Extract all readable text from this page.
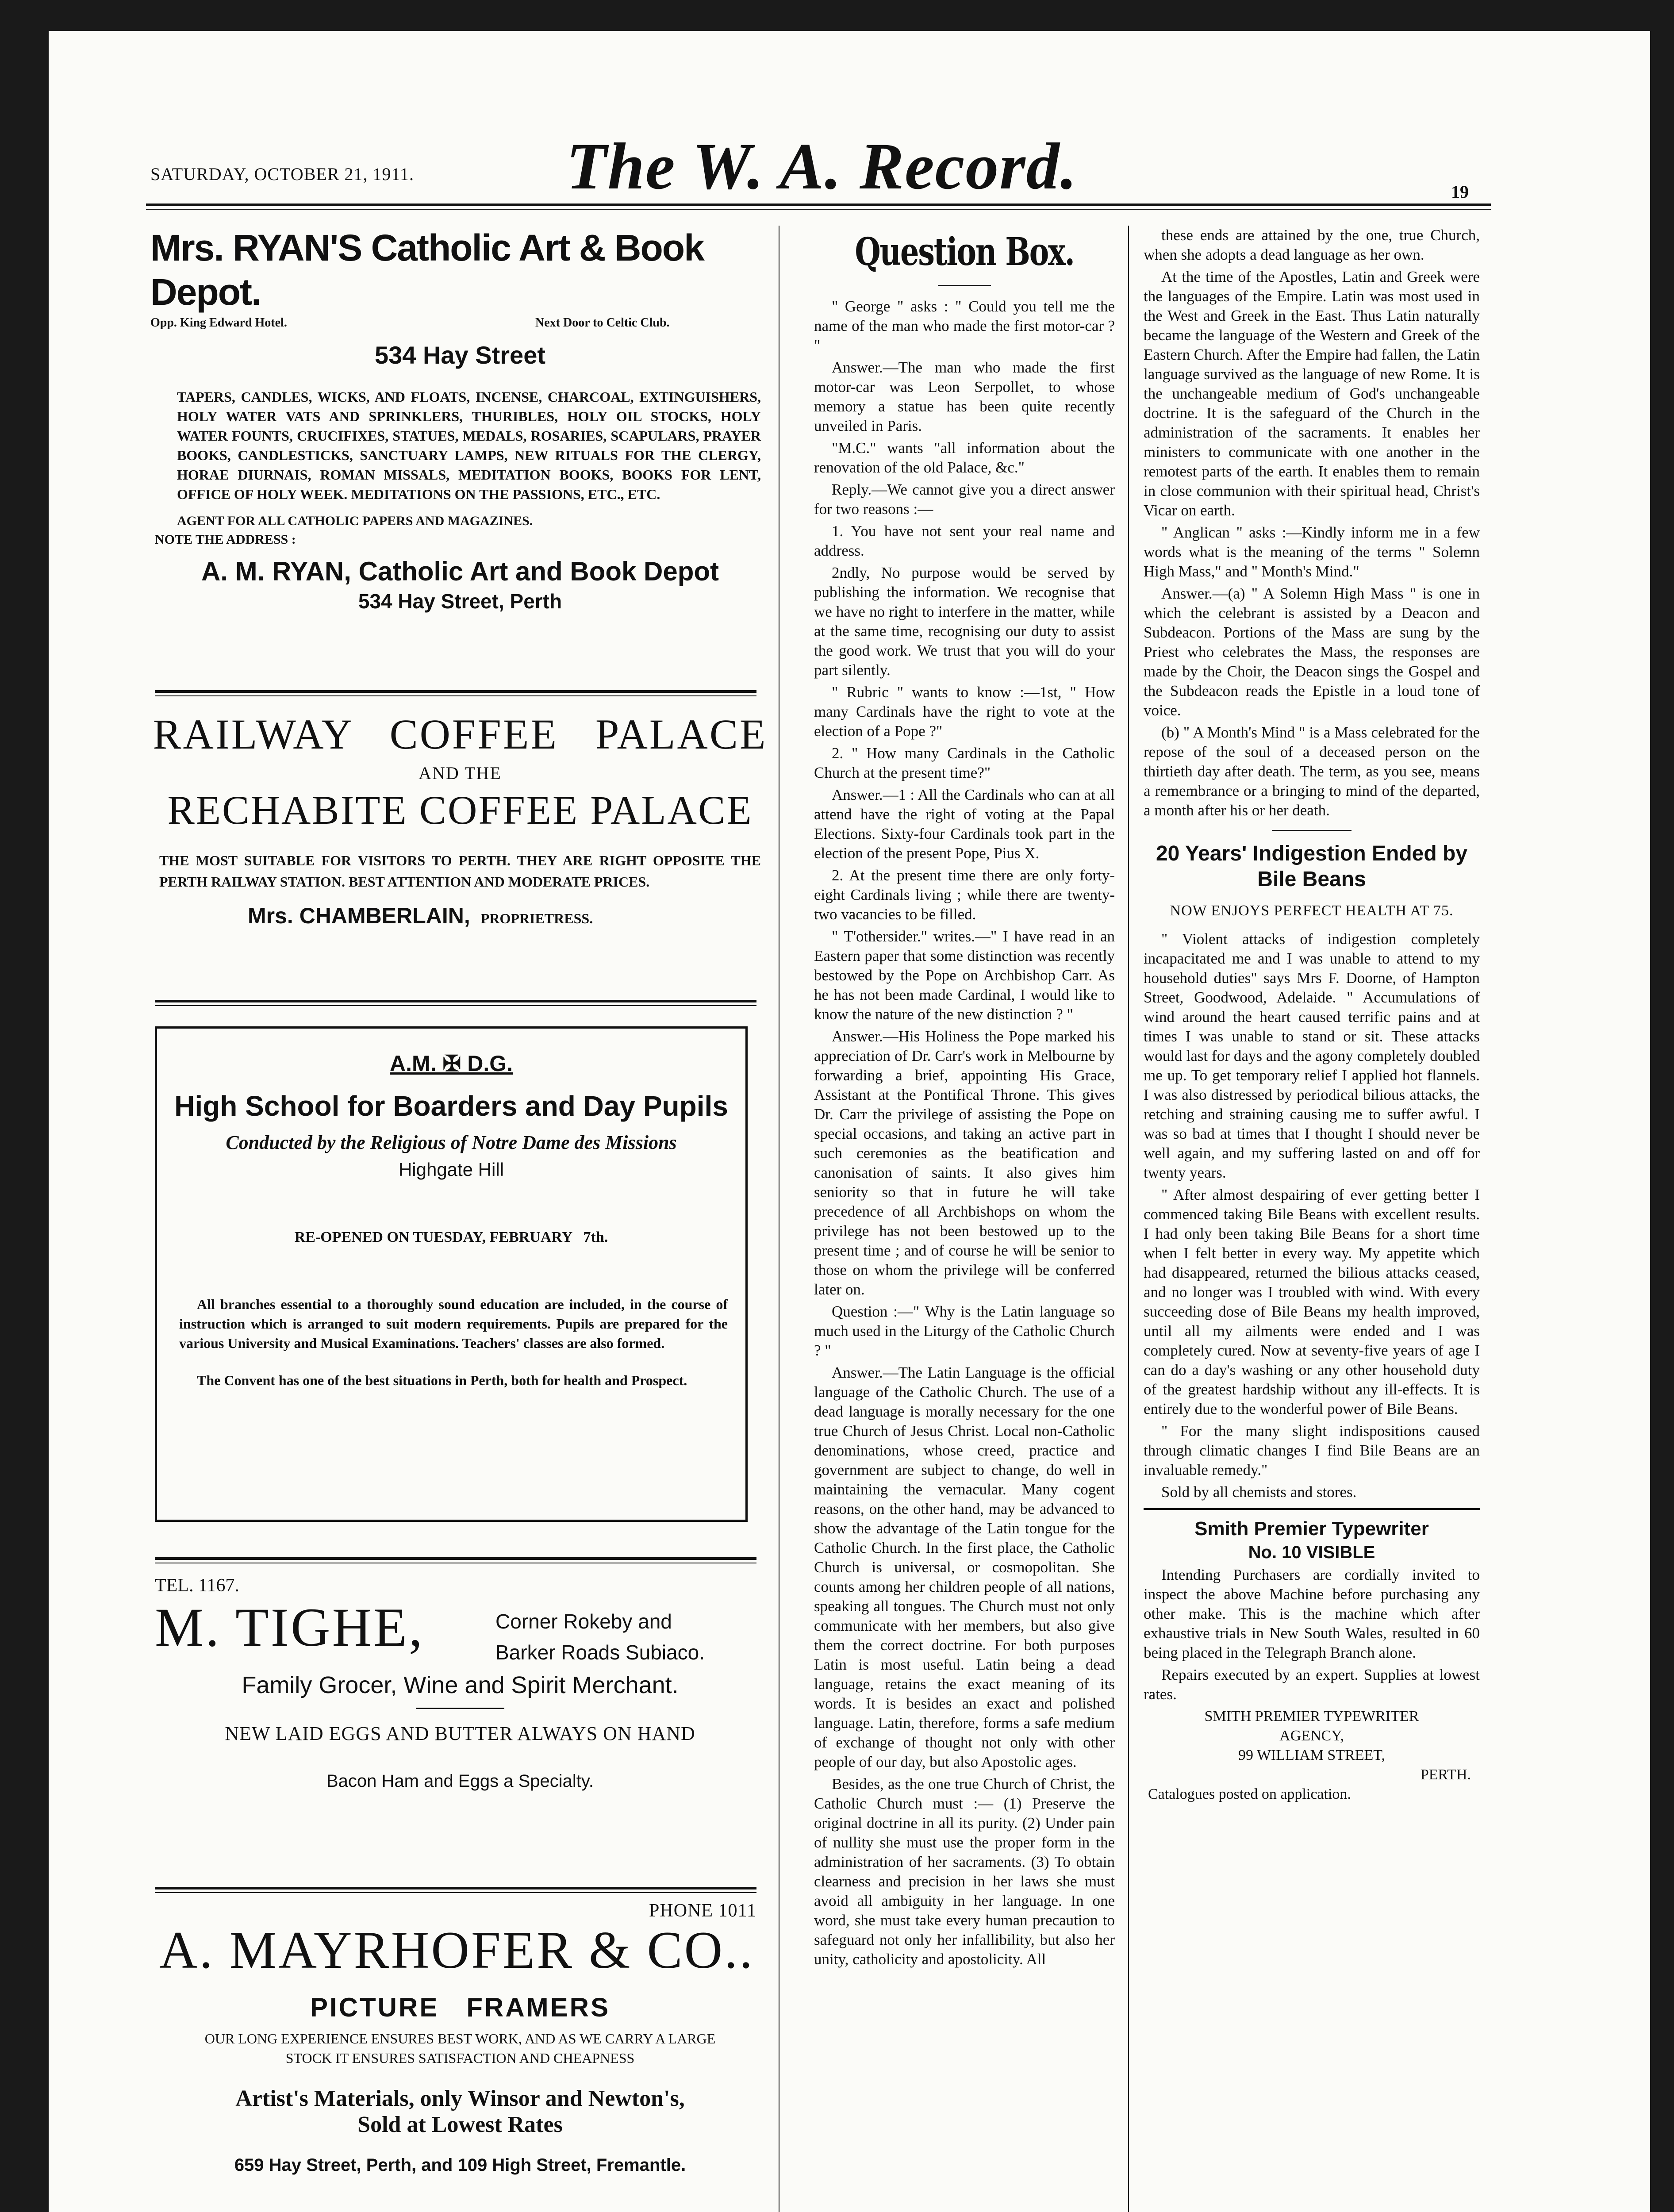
SATURDAY, OCTOBER 21, 1911. The W. A. Record.	19
Mrs. RYAN'S Catholic Art & Book Depot.
Opp. King Edward Hotel.	Next Door to Celtic Club.
534 Hay Street
TAPERS, CANDLES, WICKS, AND FLOATS, INCENSE, CHARCOAL, EXTINGUISHERS, HOLY WATER VATS AND SPRINKLERS, THURIBLES, HOLY OIL STOCKS, HOLY WATER FOUNTS, CRUCIFIXES, STATUES, MEDALS, ROSARIES, SCAPULARS, PRAYER BOOKS, CANDLESTICKS, SANCTUARY LAMPS, NEW RITUALS FOR THE CLERGY, HORAE DIURNAIS, ROMAN MISSALS, MEDITATION BOOKS, BOOKS FOR LENT, OFFICE OF HOLY WEEK. MEDITATIONS ON THE PASSIONS, ETC., ETC.
AGENT FOR ALL CATHOLIC PAPERS AND MAGAZINES.
NOTE THE ADDRESS :
A. M. RYAN, Catholic Art and Book Depot
534 Hay Street, Perth
RAILWAY   COFFEE   PALACE
AND THE
RECHABITE COFFEE PALACE
THE MOST SUITABLE FOR VISITORS TO PERTH. THEY ARE RIGHT OPPOSITE THE PERTH RAILWAY STATION. BEST ATTENTION AND MODERATE PRICES.
Mrs. CHAMBERLAIN, PROPRIETRESS.
A.M. ✠ D.G.
High School for Boarders and Day Pupils
Conducted by the Religious of Notre Dame des Missions
Highgate Hill
RE-OPENED ON TUESDAY, FEBRUARY   7th.
All branches essential to a thoroughly sound education are included, in the course of instruction which is arranged to suit modern requirements. Pupils are prepared for the various University and Musical Examinations. Teachers' classes are also formed.
The Convent has one of the best situations in Perth, both for health and Prospect.
TEL. 1167.
M. TIGHE,	Corner Rokeby and
Barker Roads Subiaco.
Family Grocer, Wine and Spirit Merchant.
NEW LAID EGGS AND BUTTER ALWAYS ON HAND
Bacon Ham and Eggs a Specialty.
PHONE 1011
A. MAYRHOFER & CO..
PICTURE   FRAMERS
OUR LONG EXPERIENCE ENSURES BEST WORK, AND AS WE CARRY A LARGE STOCK IT ENSURES SATISFACTION AND CHEAPNESS
Artist's Materials, only Winsor and Newton's,
Sold at Lowest Rates
659 Hay Street, Perth, and 109 High Street, Fremantle.
Question Box.

" George " asks : " Could you tell me the name of the man who made the first motor-car ? "

Answer.—The man who made the first motor-car was Leon Serpollet, to whose memory a statue has been quite recently unveiled in Paris.

"M.C." wants "all information about the renovation of the old Palace, &c."

Reply.—We cannot give you a direct answer for two reasons :—

1. You have not sent your real name and address.

2ndly, No purpose would be served by publishing the information. We recognise that we have no right to interfere in the matter, while at the same time, recognising our duty to assist the good work. We trust that you will do your part silently.

" Rubric " wants to know :—1st, " How many Cardinals have the right to vote at the election of a Pope ?"

2. " How many Cardinals in the Catholic Church at the present time?"

Answer.—1 : All the Cardinals who can at all attend have the right of voting at the Papal Elections. Sixty-four Cardinals took part in the election of the present Pope, Pius X.

2. At the present time there are only forty-eight Cardinals living ; while there are twenty-two vacancies to be filled.

" T'othersider." writes.—" I have read in an Eastern paper that some distinction was recently bestowed by the Pope on Archbishop Carr. As he has not been made Cardinal, I would like to know the nature of the new distinction ? "

Answer.—His Holiness the Pope marked his appreciation of Dr. Carr's work in Melbourne by forwarding a brief, appointing His Grace, Assistant at the Pontifical Throne. This gives Dr. Carr the privilege of assisting the Pope on special occasions, and taking an active part in such ceremonies as the beatification and canonisation of saints. It also gives him seniority so that in future he will take precedence of all Archbishops on whom the privilege has not been bestowed up to the present time ; and of course he will be senior to those on whom the privilege will be conferred later on.

Question :—" Why is the Latin language so much used in the Liturgy of the Catholic Church ? "

Answer.—The Latin Language is the official language of the Catholic Church. The use of a dead language is morally necessary for the one true Church of Jesus Christ. Local non-Catholic denominations, whose creed, practice and government are subject to change, do well in maintaining the vernacular. Many cogent reasons, on the other hand, may be advanced to show the advantage of the Latin tongue for the Catholic Church. In the first place, the Catholic Church is universal, or cosmopolitan. She counts among her children people of all nations, speaking all tongues. The Church must not only communicate with her members, but also give them the correct doctrine. For both purposes Latin is most useful. Latin being a dead language, retains the exact meaning of its words. It is besides an exact and polished language. Latin, therefore, forms a safe medium of exchange of thought not only with other people of our day, but also Apostolic ages.

Besides, as the one true Church of Christ, the Catholic Church must :— (1) Preserve the original doctrine in all its purity. (2) Under pain of nullity she must use the proper form in the administration of her sacraments. (3) To obtain clearness and precision in her laws she must avoid all ambiguity in her language. In one word, she must take every human precaution to safeguard not only her infallibility, but also her unity, catholicity and apostolicity. All

these ends are attained by the one, true Church, when she adopts a dead language as her own.

At the time of the Apostles, Latin and Greek were the languages of the Empire. Latin was most used in the West and Greek in the East. Thus Latin naturally became the language of the Western and Greek of the Eastern Church. After the Empire had fallen, the Latin language survived as the language of new Rome. It is the unchangeable medium of God's unchangeable doctrine. It is the safeguard of the Church in the administration of the sacraments. It enables her ministers to communicate with one another in the remotest parts of the earth. It enables them to remain in close communion with their spiritual head, Christ's Vicar on earth.

" Anglican " asks :—Kindly inform me in a few words what is the meaning of the terms " Solemn High Mass," and " Month's Mind."

Answer.—(a) " A Solemn High Mass " is one in which the celebrant is assisted by a Deacon and Subdeacon. Portions of the Mass are sung by the Priest who celebrates the Mass, the responses are made by the Choir, the Deacon sings the Gospel and the Subdeacon reads the Epistle in a loud tone of voice.

(b) " A Month's Mind " is a Mass celebrated for the repose of the soul of a deceased person on the thirtieth day after death. The term, as you see, means a remembrance or a bringing to mind of the departed, a month after his or her death.

20 Years' Indigestion Ended by Bile Beans
NOW ENJOYS PERFECT HEALTH AT 75.

" Violent attacks of indigestion completely incapacitated me and I was unable to attend to my household duties" says Mrs F. Doorne, of Hampton Street, Goodwood, Adelaide. " Accumulations of wind around the heart caused terrific pains and at times I was unable to stand or sit. These attacks would last for days and the agony completely doubled me up. To get temporary relief I applied hot flannels. I was also distressed by periodical bilious attacks, the retching and straining causing me to suffer awful. I was so bad at times that I thought I should never be well again, and my suffering lasted on and off for twenty years.

" After almost despairing of ever getting better I commenced taking Bile Beans with excellent results. I had only been taking Bile Beans for a short time when I felt better in every way. My appetite which had disappeared, returned the bilious attacks ceased, and no longer was I troubled with wind. With every succeeding dose of Bile Beans my health improved, until all my ailments were ended and I was completely cured. Now at seventy-five years of age I can do a day's washing or any other household duty of the greatest hardship without any ill-effects. It is entirely due to the wonderful power of Bile Beans.

" For the many slight indispositions caused through climatic changes I find Bile Beans are an invaluable remedy."

Sold by all chemists and stores.

Smith Premier Typewriter
No. 10 VISIBLE

Intending Purchasers are cordially invited to inspect the above Machine before purchasing any other make. This is the machine which after exhaustive trials in New South Wales, resulted in 60 being placed in the Telegraph Branch alone.

Repairs executed by an expert. Supplies at lowest rates.

SMITH PREMIER TYPEWRITER
AGENCY,
99 WILLIAM STREET,
PERTH.
Catalogues posted on application.
